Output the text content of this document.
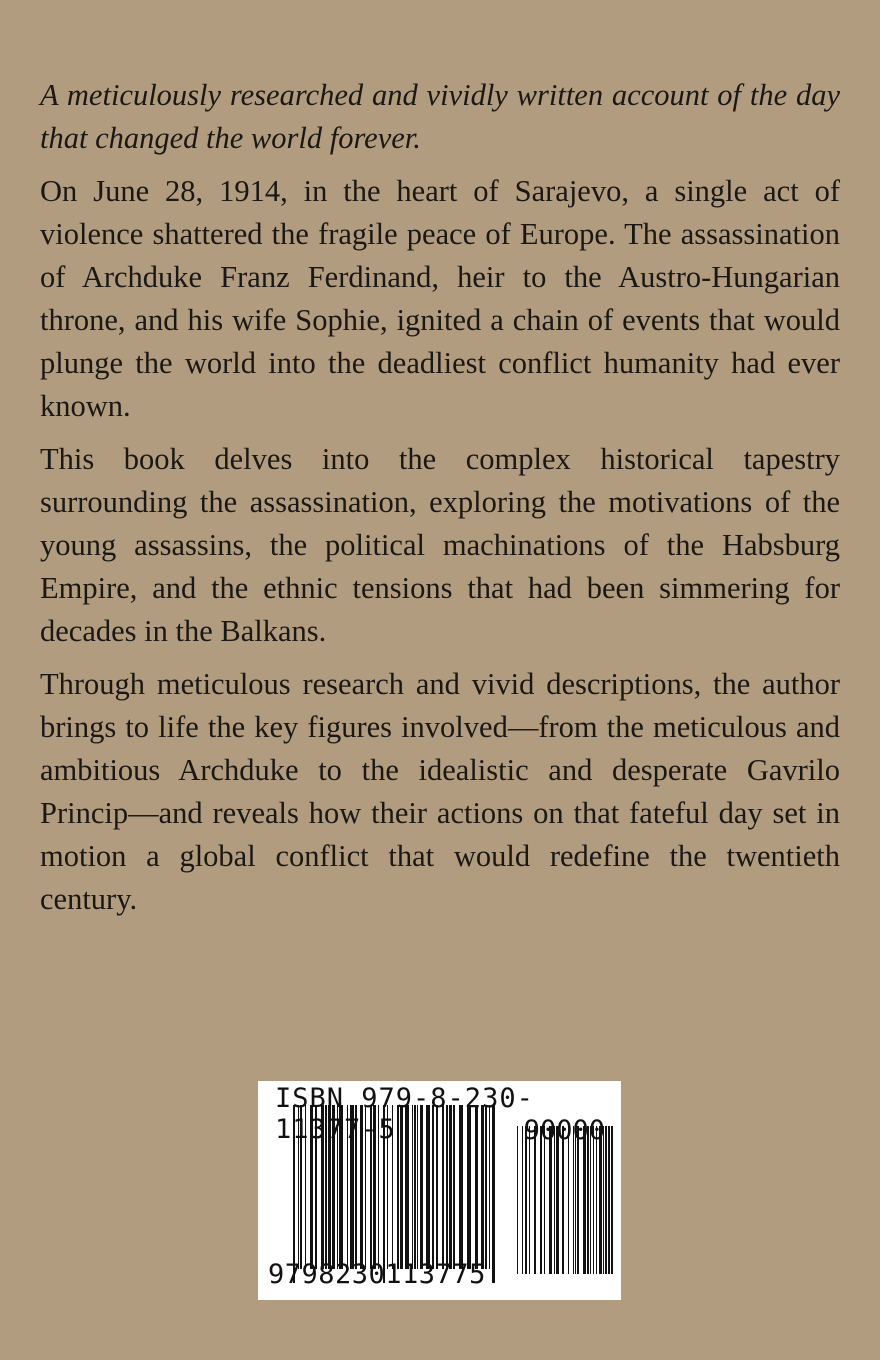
A meticulously researched and vividly written account of the day that changed the world forever.

On June 28, 1914, in the heart of Sarajevo, a single act of violence shattered the fragile peace of Europe. The assassination of Archduke Franz Ferdinand, heir to the Austro-Hungarian throne, and his wife Sophie, ignited a chain of events that would plunge the world into the deadliest conflict humanity had ever known.

This book delves into the complex historical tapestry surrounding the assassination, exploring the motivations of the young assassins, the political machinations of the Habsburg Empire, and the ethnic tensions that had been simmering for decades in the Balkans.

Through meticulous research and vivid descriptions, the author brings to life the key figures involved—from the meticulous and ambitious Archduke to the idealistic and desperate Gavrilo Princip—and reveals how their actions on that fateful day set in motion a global conflict that would redefine the twentieth century.

ISBN 979-8-230-11377-5	90000
9798230113775
